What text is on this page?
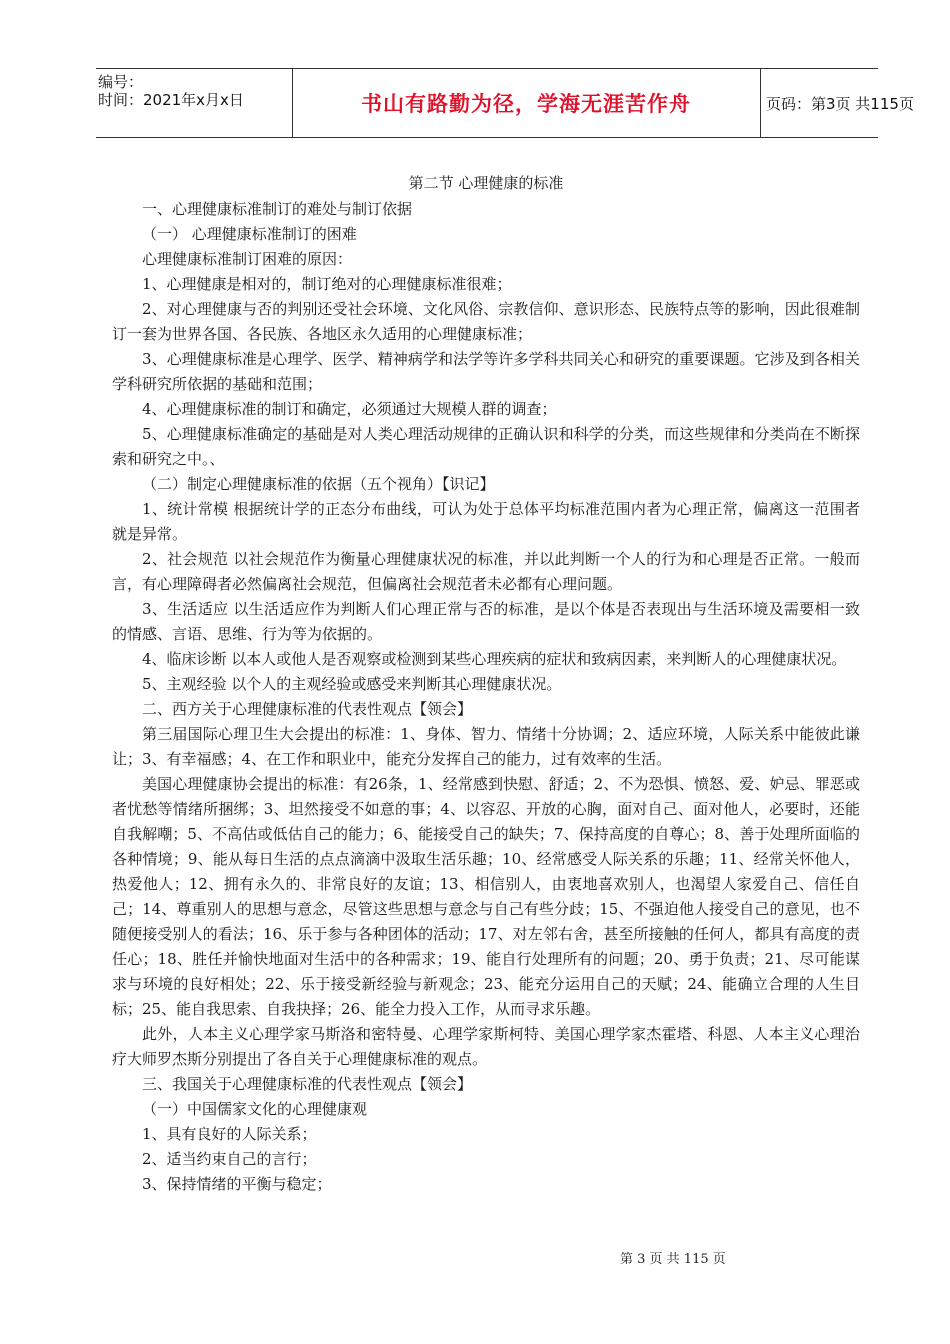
编号：
时间：2021年x月x日	书山有路勤为径，学海无涯苦作舟	页码：第3页 共115页
第二节 心理健康的标准
一、心理健康标准制订的难处与制订依据
（一） 心理健康标准制订的困难
心理健康标准制订困难的原因：
1、心理健康是相对的，制订绝对的心理健康标准很难；
2、对心理健康与否的判别还受社会环境、文化风俗、宗教信仰、意识形态、民族特点等的影响，因此很难制订一套为世界各国、各民族、各地区永久适用的心理健康标准；
3、心理健康标准是心理学、医学、精神病学和法学等许多学科共同关心和研究的重要课题。它涉及到各相关学科研究所依据的基础和范围；
4、心理健康标准的制订和确定，必须通过大规模人群的调查；
5、心理健康标准确定的基础是对人类心理活动规律的正确认识和科学的分类，而这些规律和分类尚在不断探索和研究之中。、
（二）制定心理健康标准的依据（五个视角）【识记】
1、统计常模 根据统计学的正态分布曲线，可认为处于总体平均标准范围内者为心理正常，偏离这一范围者就是异常。
2、社会规范 以社会规范作为衡量心理健康状况的标准，并以此判断一个人的行为和心理是否正常。一般而言，有心理障碍者必然偏离社会规范，但偏离社会规范者未必都有心理问题。
3、生活适应 以生活适应作为判断人们心理正常与否的标准，是以个体是否表现出与生活环境及需要相一致的情感、言语、思维、行为等为依据的。
4、临床诊断 以本人或他人是否观察或检测到某些心理疾病的症状和致病因素，来判断人的心理健康状况。
5、主观经验 以个人的主观经验或感受来判断其心理健康状况。
二、西方关于心理健康标准的代表性观点【领会】
第三届国际心理卫生大会提出的标准：1、身体、智力、情绪十分协调；2、适应环境，人际关系中能彼此谦让；3、有幸福感；4、在工作和职业中，能充分发挥自己的能力，过有效率的生活。
美国心理健康协会提出的标准：有26条，1、经常感到快慰、舒适；2、不为恐惧、愤怒、爱、妒忌、罪恶或者忧愁等情绪所捆绑；3、坦然接受不如意的事；4、以容忍、开放的心胸，面对自己、面对他人，必要时，还能自我解嘲；5、不高估或低估自己的能力；6、能接受自己的缺失；7、保持高度的自尊心；8、善于处理所面临的各种情境；9、能从每日生活的点点滴滴中汲取生活乐趣；10、经常感受人际关系的乐趣；11、经常关怀他人，热爱他人；12、拥有永久的、非常良好的友谊；13、相信别人，由衷地喜欢别人，也渴望人家爱自己、信任自己；14、尊重别人的思想与意念，尽管这些思想与意念与自己有些分歧；15、不强迫他人接受自己的意见，也不随便接受别人的看法；16、乐于参与各种团体的活动；17、对左邻右舍，甚至所接触的任何人，都具有高度的责任心；18、胜任并愉快地面对生活中的各种需求；19、能自行处理所有的问题；20、勇于负责；21、尽可能谋求与环境的良好相处；22、乐于接受新经验与新观念；23、能充分运用自己的天赋；24、能确立合理的人生目标；25、能自我思索、自我抉择；26、能全力投入工作，从而寻求乐趣。
此外，人本主义心理学家马斯洛和密特曼、心理学家斯柯特、美国心理学家杰霍塔、科恩、人本主义心理治疗大师罗杰斯分别提出了各自关于心理健康标准的观点。
三、我国关于心理健康标准的代表性观点【领会】
（一）中国儒家文化的心理健康观
1、具有良好的人际关系；
2、适当约束自己的言行；
3、保持情绪的平衡与稳定；
第 3 页 共 115 页
